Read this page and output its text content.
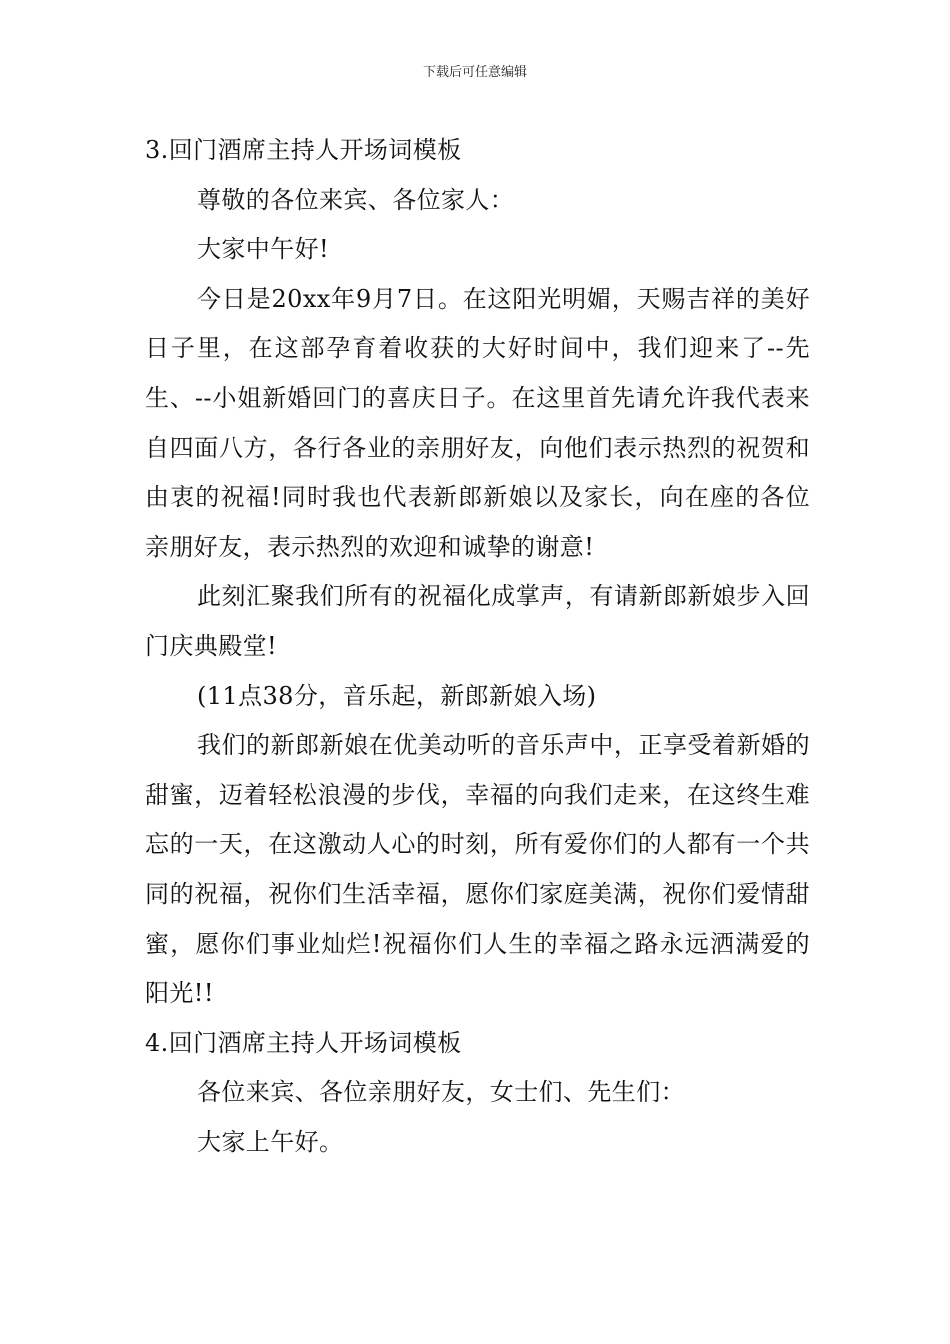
下载后可任意编辑

3.回门酒席主持人开场词模板

尊敬的各位来宾、各位家人：

大家中午好!

今日是20xx年9月7日。在这阳光明媚，天赐吉祥的美好日子里，在这部孕育着收获的大好时间中，我们迎来了--先生、--小姐新婚回门的喜庆日子。在这里首先请允许我代表来自四面八方，各行各业的亲朋好友，向他们表示热烈的祝贺和由衷的祝福!同时我也代表新郎新娘以及家长，向在座的各位亲朋好友，表示热烈的欢迎和诚挚的谢意!

此刻汇聚我们所有的祝福化成掌声，有请新郎新娘步入回门庆典殿堂!

(11点38分，音乐起，新郎新娘入场)

我们的新郎新娘在优美动听的音乐声中，正享受着新婚的甜蜜，迈着轻松浪漫的步伐，幸福的向我们走来，在这终生难忘的一天，在这激动人心的时刻，所有爱你们的人都有一个共同的祝福，祝你们生活幸福，愿你们家庭美满，祝你们爱情甜蜜，愿你们事业灿烂!祝福你们人生的幸福之路永远洒满爱的阳光!!

4.回门酒席主持人开场词模板

各位来宾、各位亲朋好友，女士们、先生们：

大家上午好。
